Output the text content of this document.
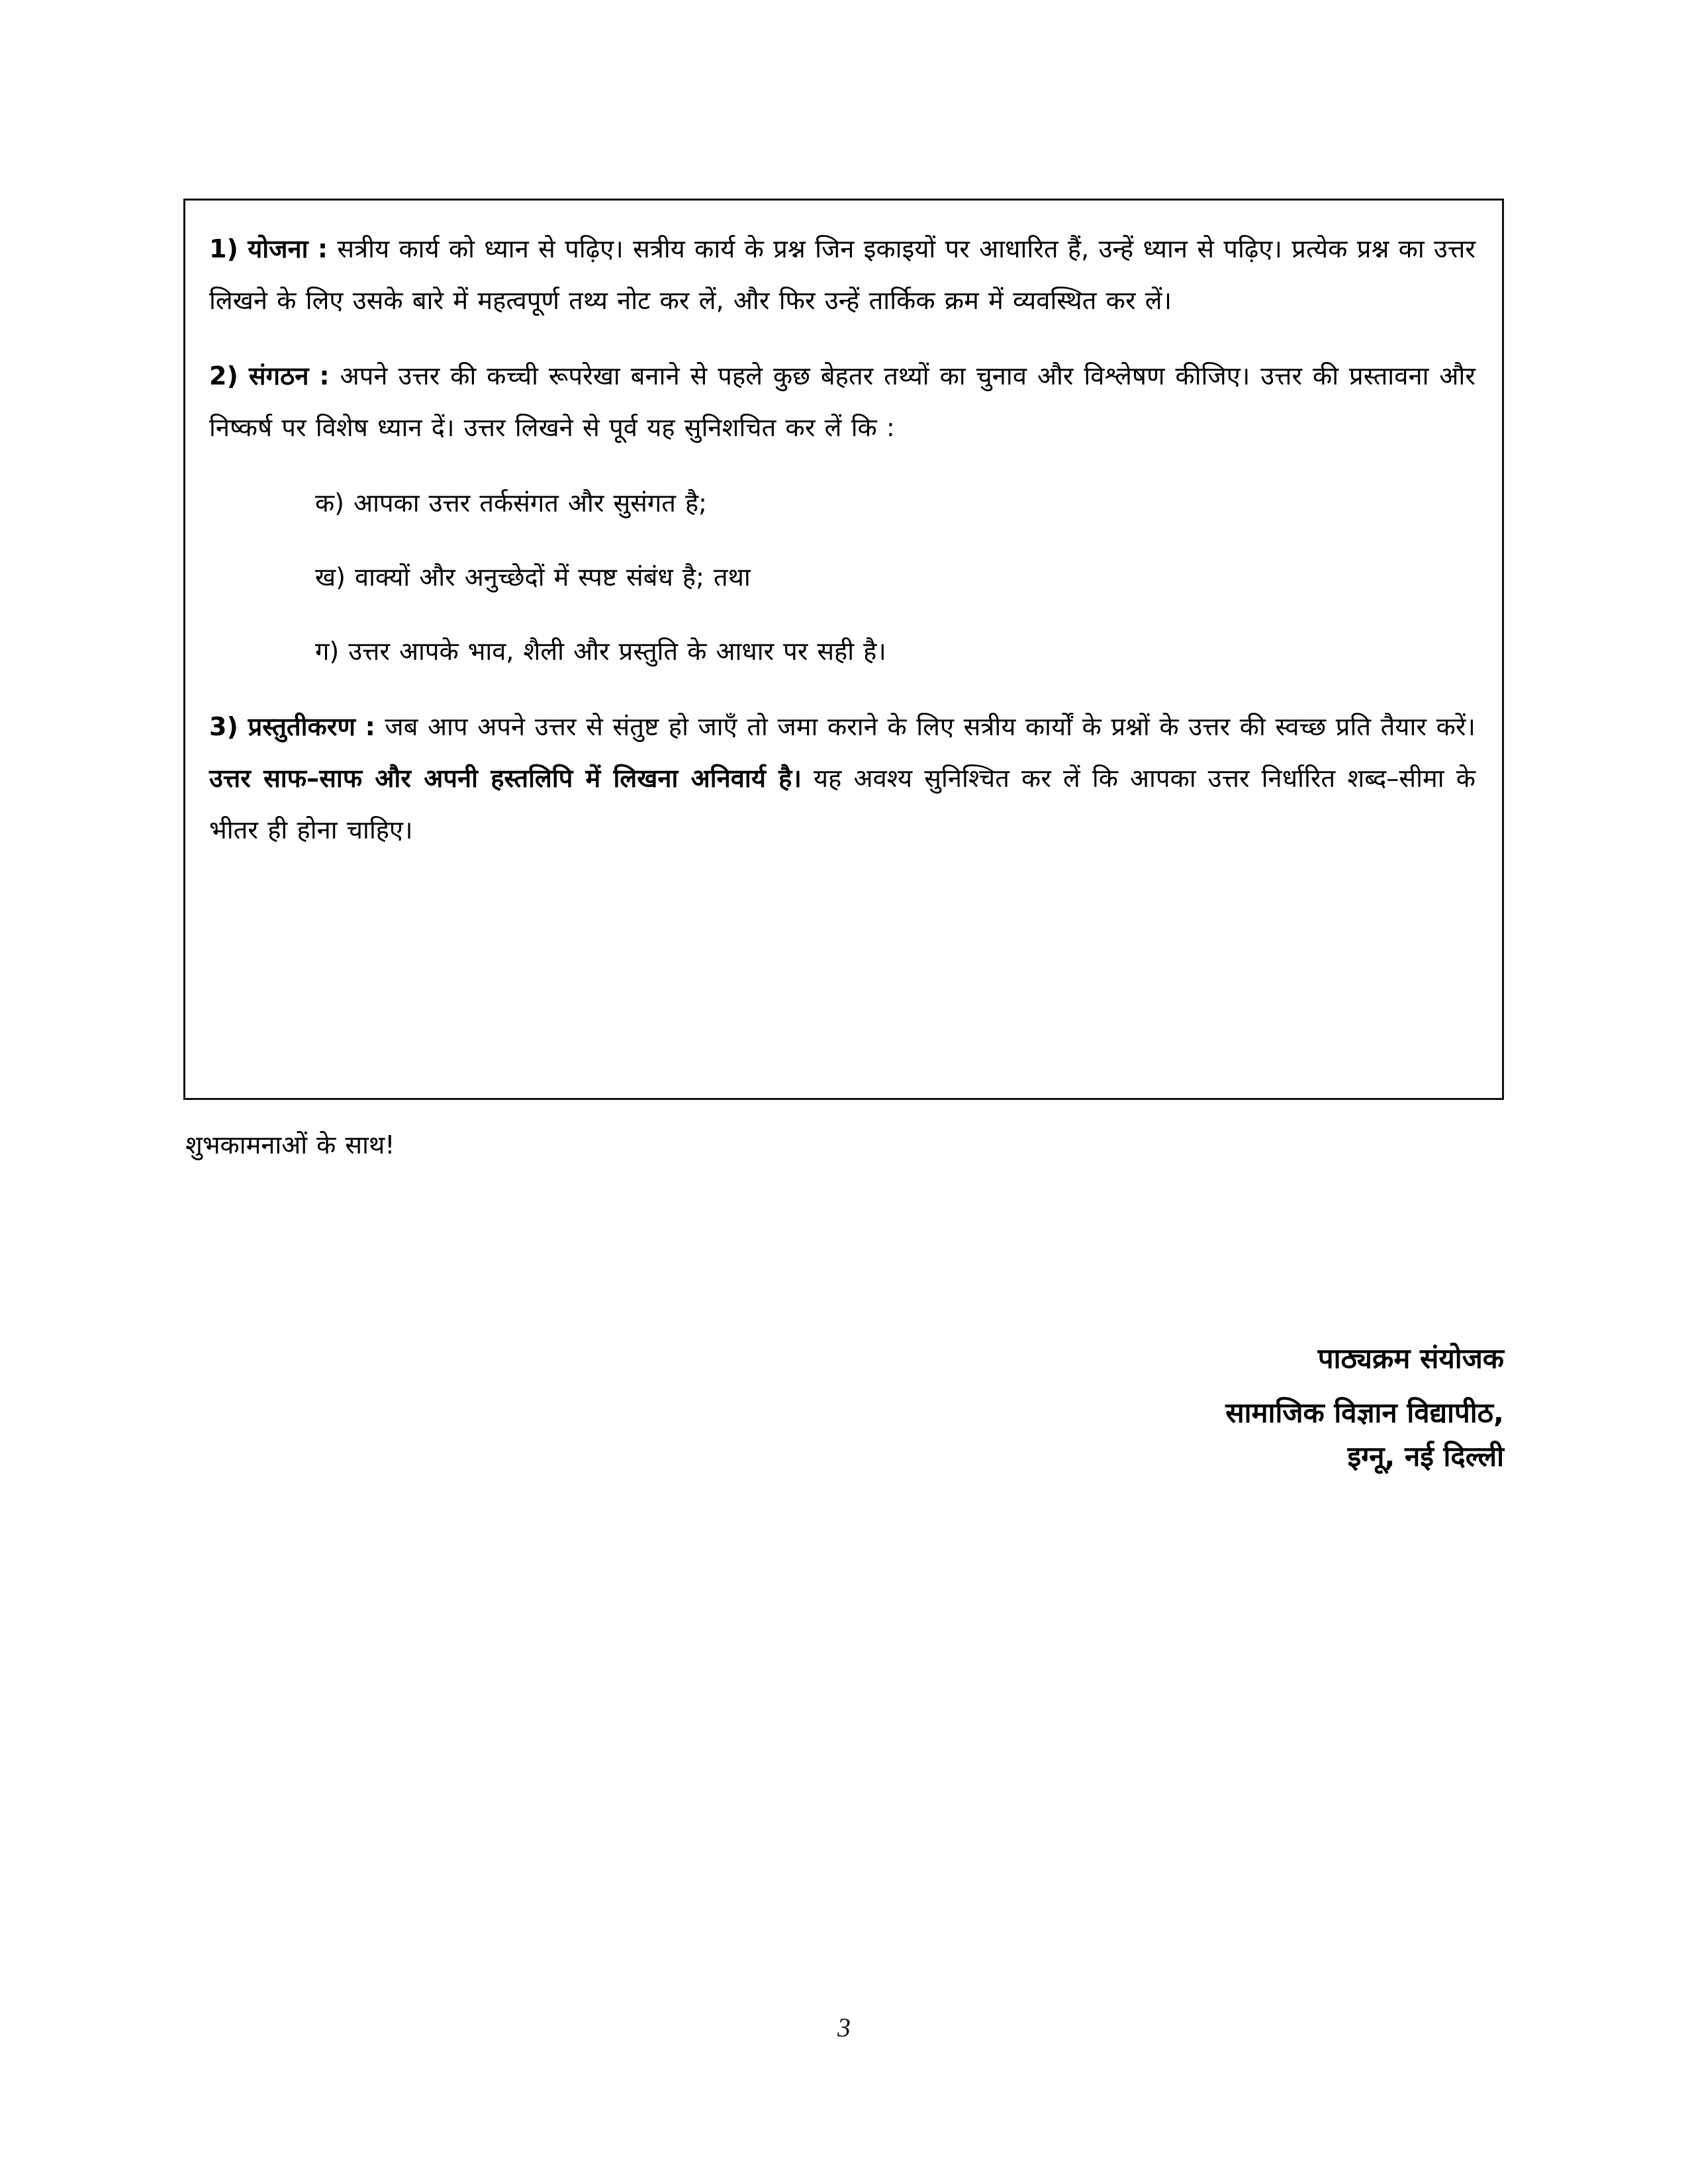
1) योजना : सत्रीय कार्य को ध्यान से पढ़िए। सत्रीय कार्य के प्रश्न जिन इकाइयों पर आधारित हैं, उन्हें ध्यान से पढ़िए। प्रत्येक प्रश्न का उत्तर लिखने के लिए उसके बारे में महत्वपूर्ण तथ्य नोट कर लें, और फिर उन्हें तार्किक क्रम में व्यवस्थित कर लें।

2) संगठन : अपने उत्तर की कच्ची रूपरेखा बनाने से पहले कुछ बेहतर तथ्यों का चुनाव और विश्लेषण कीजिए। उत्तर की प्रस्तावना और निष्कर्ष पर विशेष ध्यान दें। उत्तर लिखने से पूर्व यह सुनिशचित कर लें कि :

क) आपका उत्तर तर्कसंगत और सुसंगत है;
ख) वाक्यों और अनुच्छेदों में स्पष्ट संबंध है; तथा
ग) उत्तर आपके भाव, शैली और प्रस्तुति के आधार पर सही है।

3) प्रस्तुतीकरण : जब आप अपने उत्तर से संतुष्ट हो जाएँ तो जमा कराने के लिए सत्रीय कार्यों के प्रश्नों के उत्तर की स्वच्छ प्रति तैयार करें। उत्तर साफ–साफ और अपनी हस्तलिपि में लिखना अनिवार्य है। यह अवश्य सुनिश्चित कर लें कि आपका उत्तर निर्धारित शब्द–सीमा के भीतर ही होना चाहिए।

शुभकामनाओं के साथ!
पाठ्यक्रम संयोजक
सामाजिक विज्ञान विद्यापीठ,
इग्नू, नई दिल्ली
3
